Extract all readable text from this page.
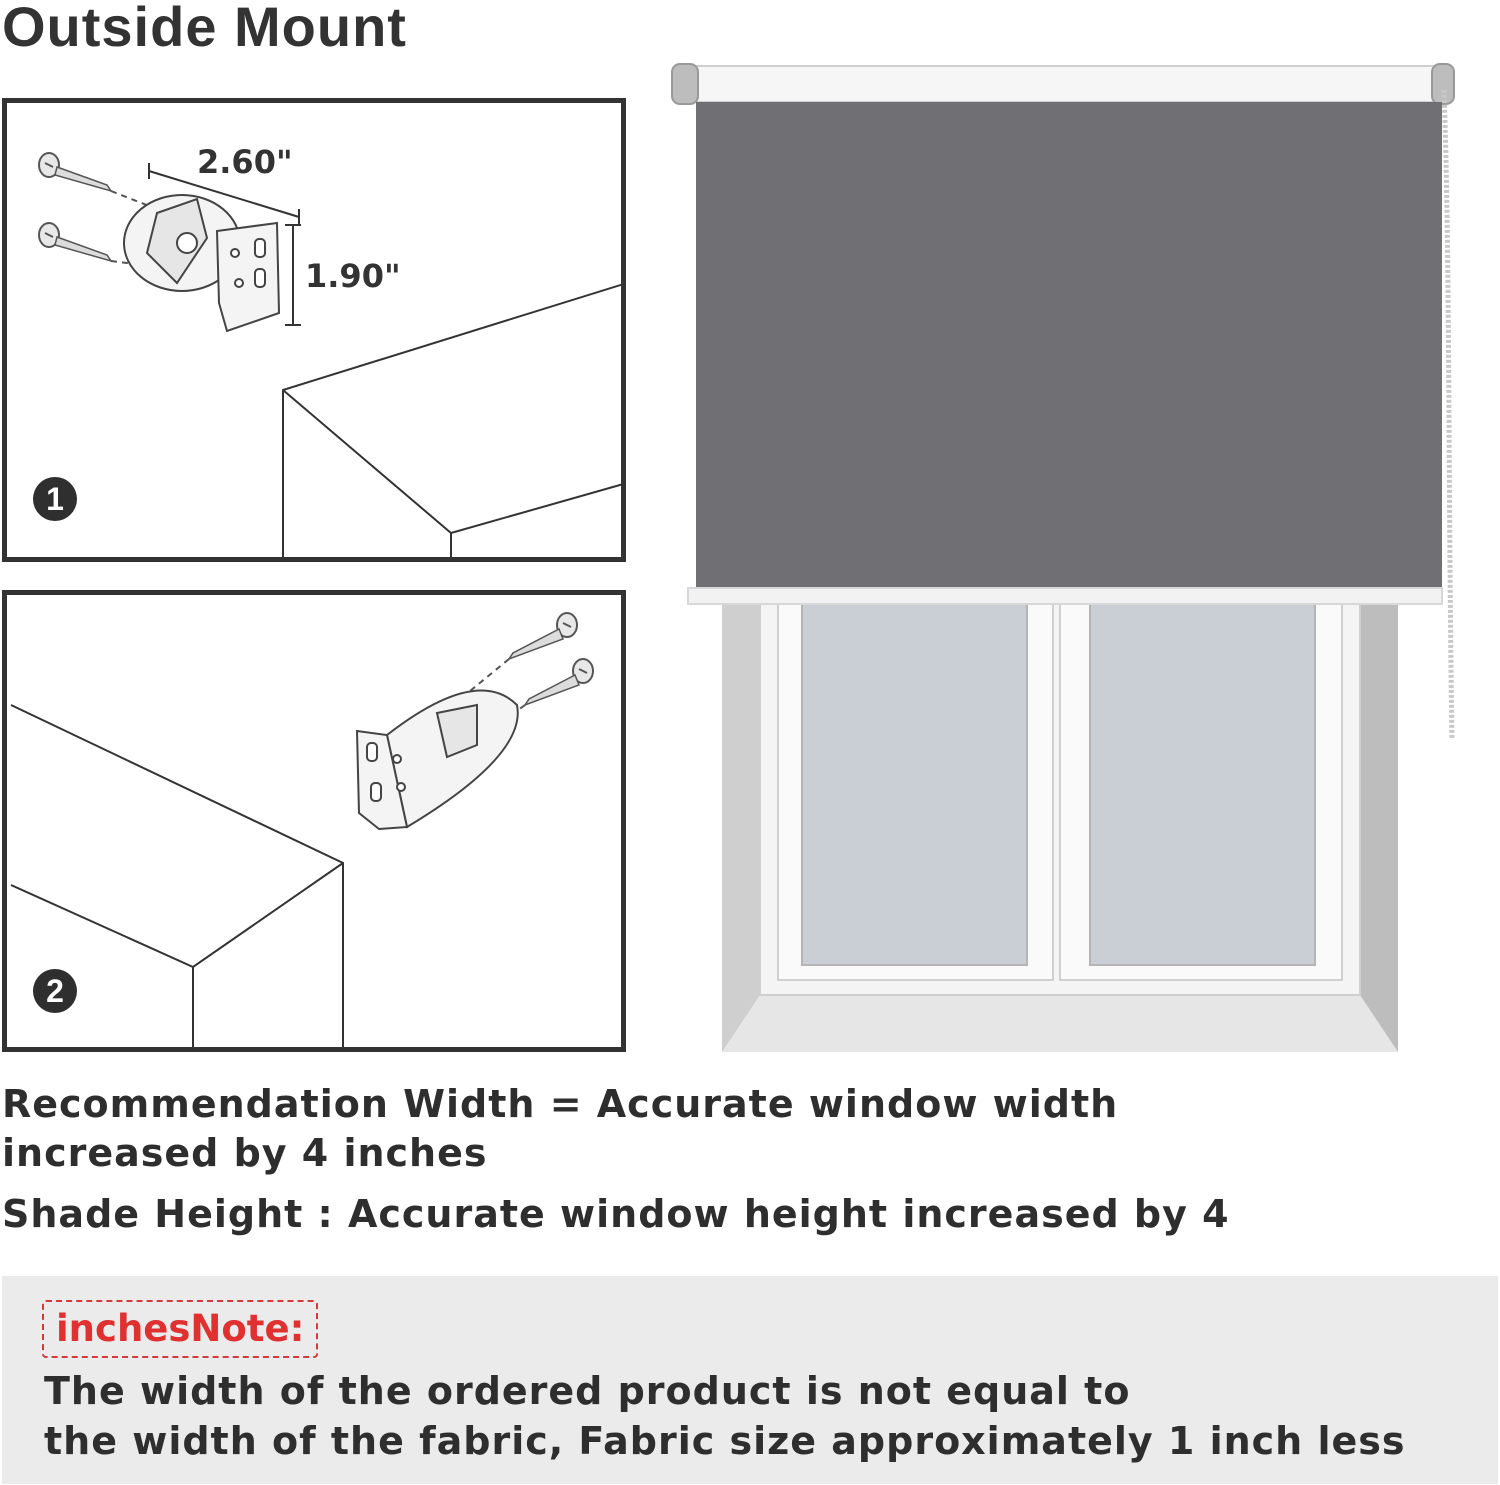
Outside Mount
2.60"
1.90"
1
2
Recommendation Width = Accurate window width increased by 4 inches
Shade Height : Accurate window height increased by 4
inchesNote:
The width of the ordered product is not equal to
the width of the fabric, Fabric size approximately 1 inch less
